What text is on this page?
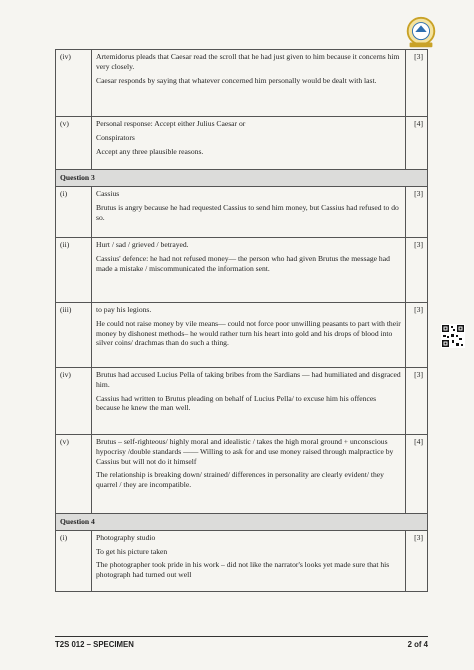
(iv)	Artemidorus pleads that Caesar read the scroll that he had just given to him because it concerns him very closely.

Caesar responds by saying that whatever concerned him personally would be dealt with last.	[3]
(v)	Personal response: Accept either Julius Caesar or

Conspirators

Accept any three plausible reasons.	[4]
Question 3		
(i)	Cassius

Brutus is angry because he had requested Cassius to send him money, but Cassius had refused to do so.	[3]
(ii)	Hurt / sad / grieved / betrayed.

Cassius' defence: he had not refused money— the person who had given Brutus the message had made a mistake / miscommunicated the information sent.	[3]
(iii)	to pay his legions.

He could not raise money by vile means— could not force poor unwilling peasants to part with their money by dishonest methods– he would rather turn his heart into gold and his drops of blood into silver coins/ drachmas than do such a thing.	[3]
(iv)	Brutus had accused Lucius Pella of taking bribes from the Sardians — had humiliated and disgraced him.

Cassius had written to Brutus pleading on behalf of Lucius Pella/ to excuse him his offences because he knew the man well.	[3]
(v)	Brutus – self-righteous/ highly moral and idealistic / takes the high moral ground + unconscious hypocrisy /double standards —— Willing to ask for and use money raised through malpractice by Cassius but will not do it himself

The relationship is breaking down/ strained/ differences in personality are clearly evident/ they quarrel / they are incompatible.	[4]
Question 4		
(i)	Photography studio

To get his picture taken

The photographer took pride in his work – did not like the narrator's looks yet made sure that his photograph had turned out well	[3]
T2S 012 – SPECIMEN	2 of 4
